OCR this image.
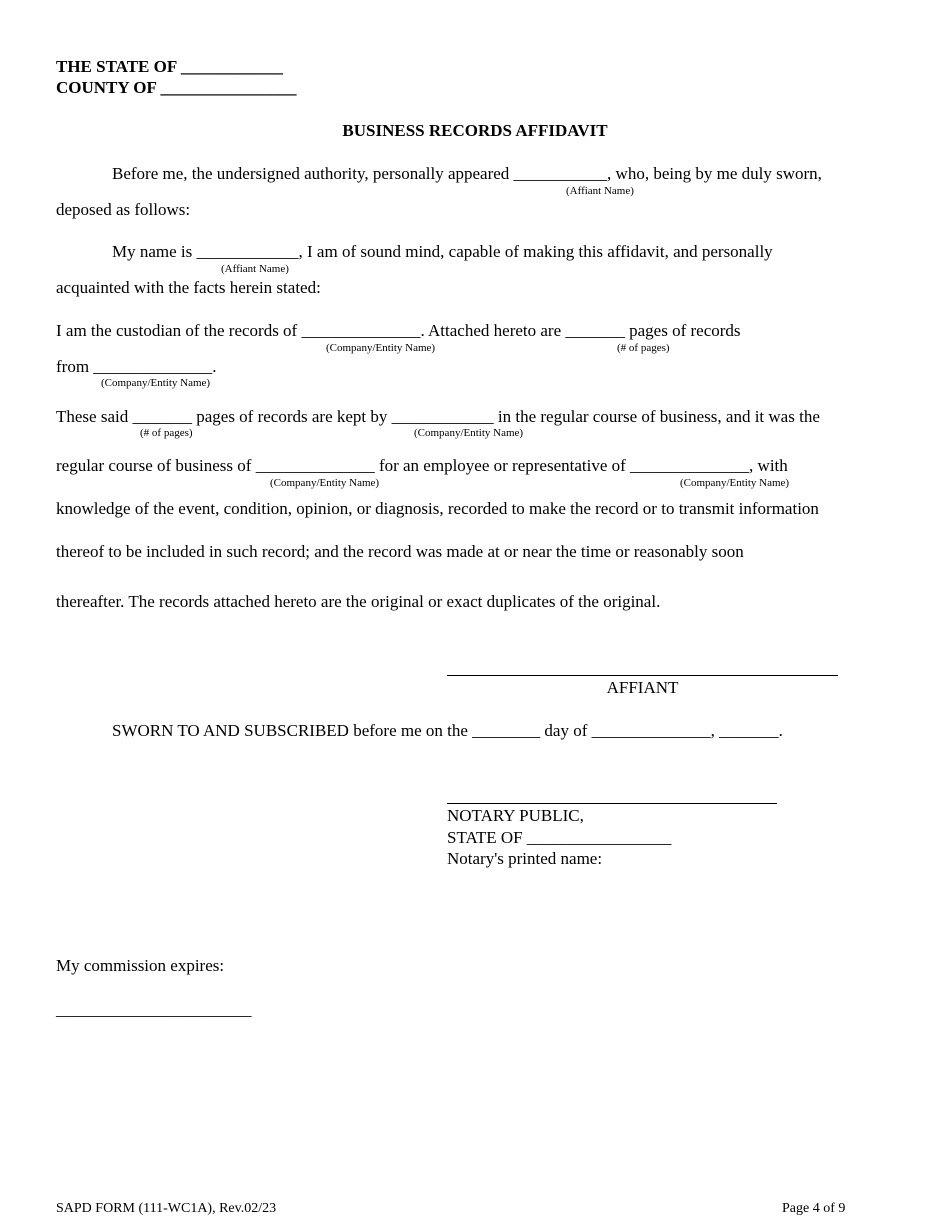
THE STATE OF ____________
COUNTY OF ________________
BUSINESS RECORDS AFFIDAVIT
Before me, the undersigned authority, personally appeared ___________, who, being by me duly sworn,
(Affiant Name)
deposed as follows:
My name is ____________, I am of sound mind, capable of making this affidavit, and personally
(Affiant Name)
acquainted with the facts herein stated:
I am the custodian of the records of ______________. Attached hereto are _______ pages of records
(Company/Entity Name)	(# of pages)
from ______________.
(Company/Entity Name)
These said _______ pages of records are kept by ____________ in the regular course of business, and it was the
(# of pages)	(Company/Entity Name)
regular course of business of ______________ for an employee or representative of ______________, with
(Company/Entity Name)	(Company/Entity Name)
knowledge of the event, condition, opinion, or diagnosis, recorded to make the record or to transmit information
thereof to be included in such record; and the record was made at or near the time or reasonably soon
thereafter. The records attached hereto are the original or exact duplicates of the original.
AFFIANT
SWORN TO AND SUBSCRIBED before me on the ________ day of ______________, _______.
NOTARY PUBLIC,
STATE OF _________________
Notary's printed name:
My commission expires:
_______________________
SAPD FORM (111-WC1A), Rev.02/23	Page 4 of 9
